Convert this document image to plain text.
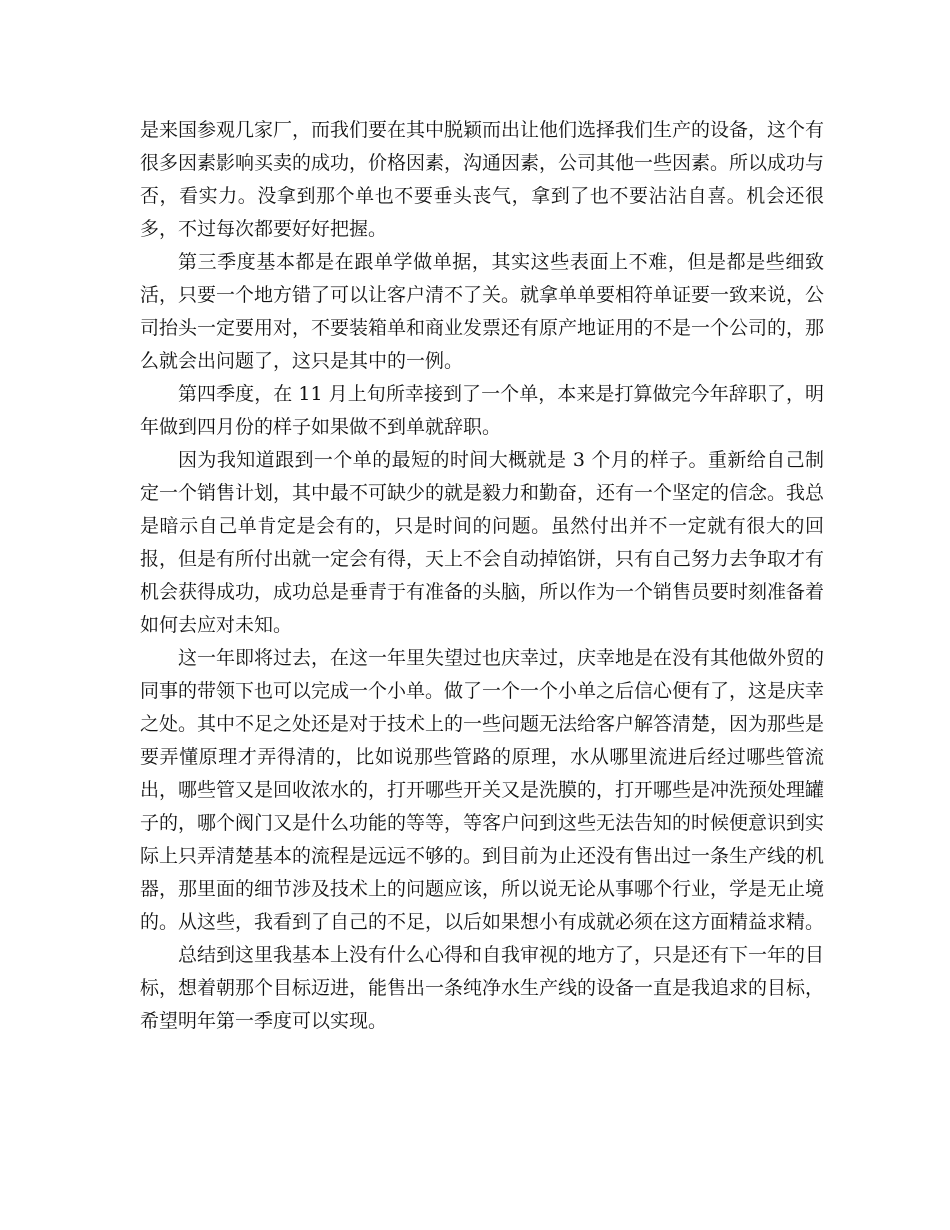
是来国参观几家厂，而我们要在其中脱颖而出让他们选择我们生产的设备，这个有很多因素影响买卖的成功，价格因素，沟通因素，公司其他一些因素。所以成功与否，看实力。没拿到那个单也不要垂头丧气，拿到了也不要沾沾自喜。机会还很多，不过每次都要好好把握。

第三季度基本都是在跟单学做单据，其实这些表面上不难，但是都是些细致活，只要一个地方错了可以让客户清不了关。就拿单单要相符单证要一致来说，公司抬头一定要用对，不要装箱单和商业发票还有原产地证用的不是一个公司的，那么就会出问题了，这只是其中的一例。

第四季度，在 11 月上旬所幸接到了一个单，本来是打算做完今年辞职了，明年做到四月份的样子如果做不到单就辞职。

因为我知道跟到一个单的最短的时间大概就是 3 个月的样子。重新给自己制定一个销售计划，其中最不可缺少的就是毅力和勤奋，还有一个坚定的信念。我总是暗示自己单肯定是会有的，只是时间的问题。虽然付出并不一定就有很大的回报，但是有所付出就一定会有得，天上不会自动掉馅饼，只有自己努力去争取才有机会获得成功，成功总是垂青于有准备的头脑，所以作为一个销售员要时刻准备着如何去应对未知。

这一年即将过去，在这一年里失望过也庆幸过，庆幸地是在没有其他做外贸的同事的带领下也可以完成一个小单。做了一个一个小单之后信心便有了，这是庆幸之处。其中不足之处还是对于技术上的一些问题无法给客户解答清楚，因为那些是要弄懂原理才弄得清的，比如说那些管路的原理，水从哪里流进后经过哪些管流出，哪些管又是回收浓水的，打开哪些开关又是洗膜的，打开哪些是冲洗预处理罐子的，哪个阀门又是什么功能的等等，等客户问到这些无法告知的时候便意识到实际上只弄清楚基本的流程是远远不够的。到目前为止还没有售出过一条生产线的机器，那里面的细节涉及技术上的问题应该，所以说无论从事哪个行业，学是无止境的。从这些，我看到了自己的不足，以后如果想小有成就必须在这方面精益求精。

总结到这里我基本上没有什么心得和自我审视的地方了，只是还有下一年的目标，想着朝那个目标迈进，能售出一条纯净水生产线的设备一直是我追求的目标，希望明年第一季度可以实现。
